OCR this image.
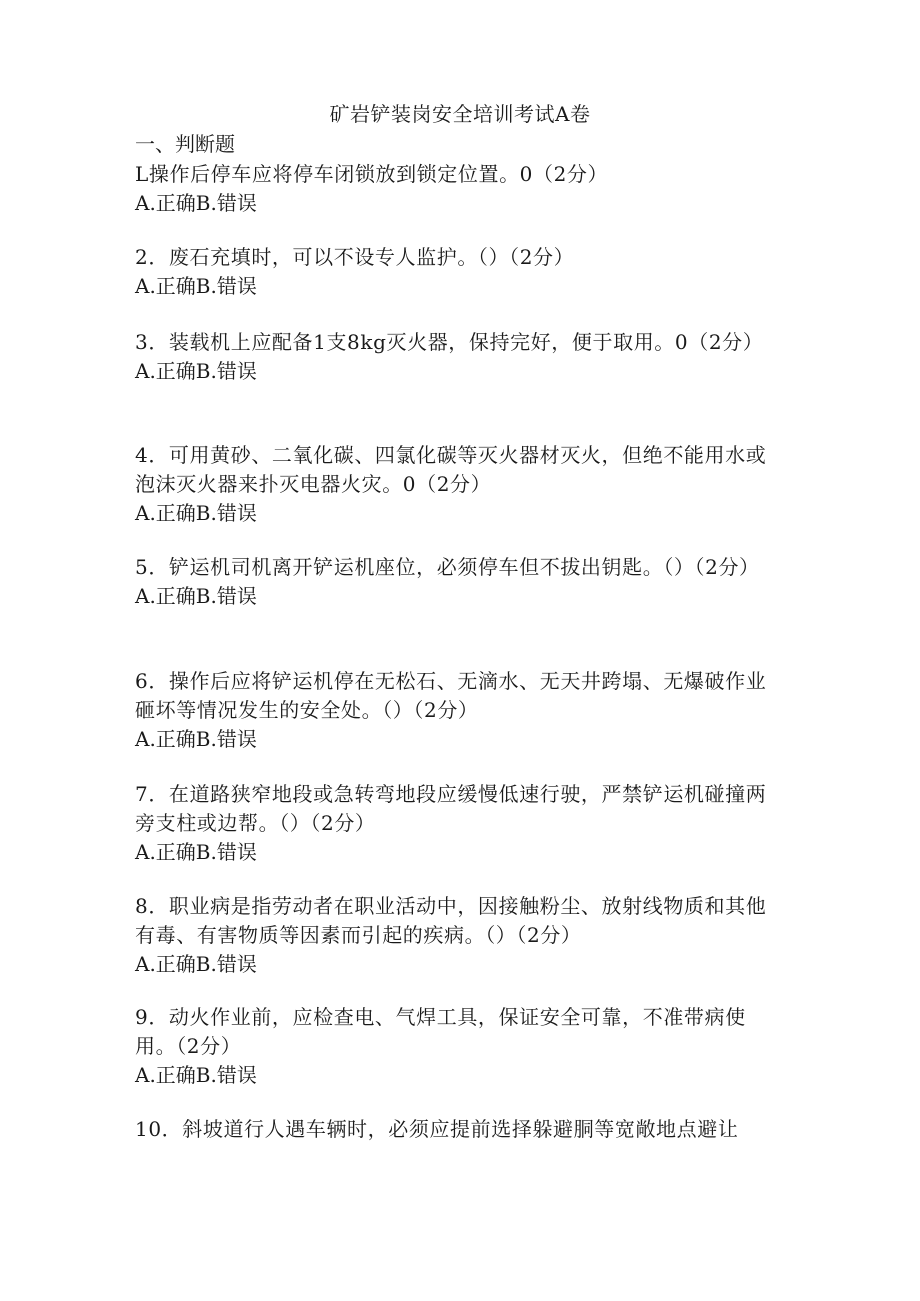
矿岩铲装岗安全培训考试A卷
一、判断题

L操作后停车应将停车闭锁放到锁定位置。0（2分）

A.正确B.错误

2．废石充填时，可以不设专人监护。（）（2分）

A.正确B.错误

3．装载机上应配备1支8kg灭火器，保持完好，便于取用。0（2分）

A.正确B.错误

4．可用黄砂、二氧化碳、四氯化碳等灭火器材灭火，但绝不能用水或泡沫灭火器来扑灭电器火灾。0（2分）

A.正确B.错误

5．铲运机司机离开铲运机座位，必须停车但不拔出钥匙。（）（2分）

A.正确B.错误

6．操作后应将铲运机停在无松石、无滴水、无天井跨塌、无爆破作业砸坏等情况发生的安全处。（）（2分）

A.正确B.错误

7．在道路狭窄地段或急转弯地段应缓慢低速行驶，严禁铲运机碰撞两旁支柱或边帮。（）（2分）

A.正确B.错误

8．职业病是指劳动者在职业活动中，因接触粉尘、放射线物质和其他有毒、有害物质等因素而引起的疾病。（）（2分）

A.正确B.错误

9．动火作业前，应检查电、气焊工具，保证安全可靠，不准带病使用。（2分）

A.正确B.错误

10．斜坡道行人遇车辆时，必须应提前选择躲避胴等宽敞地点避让
